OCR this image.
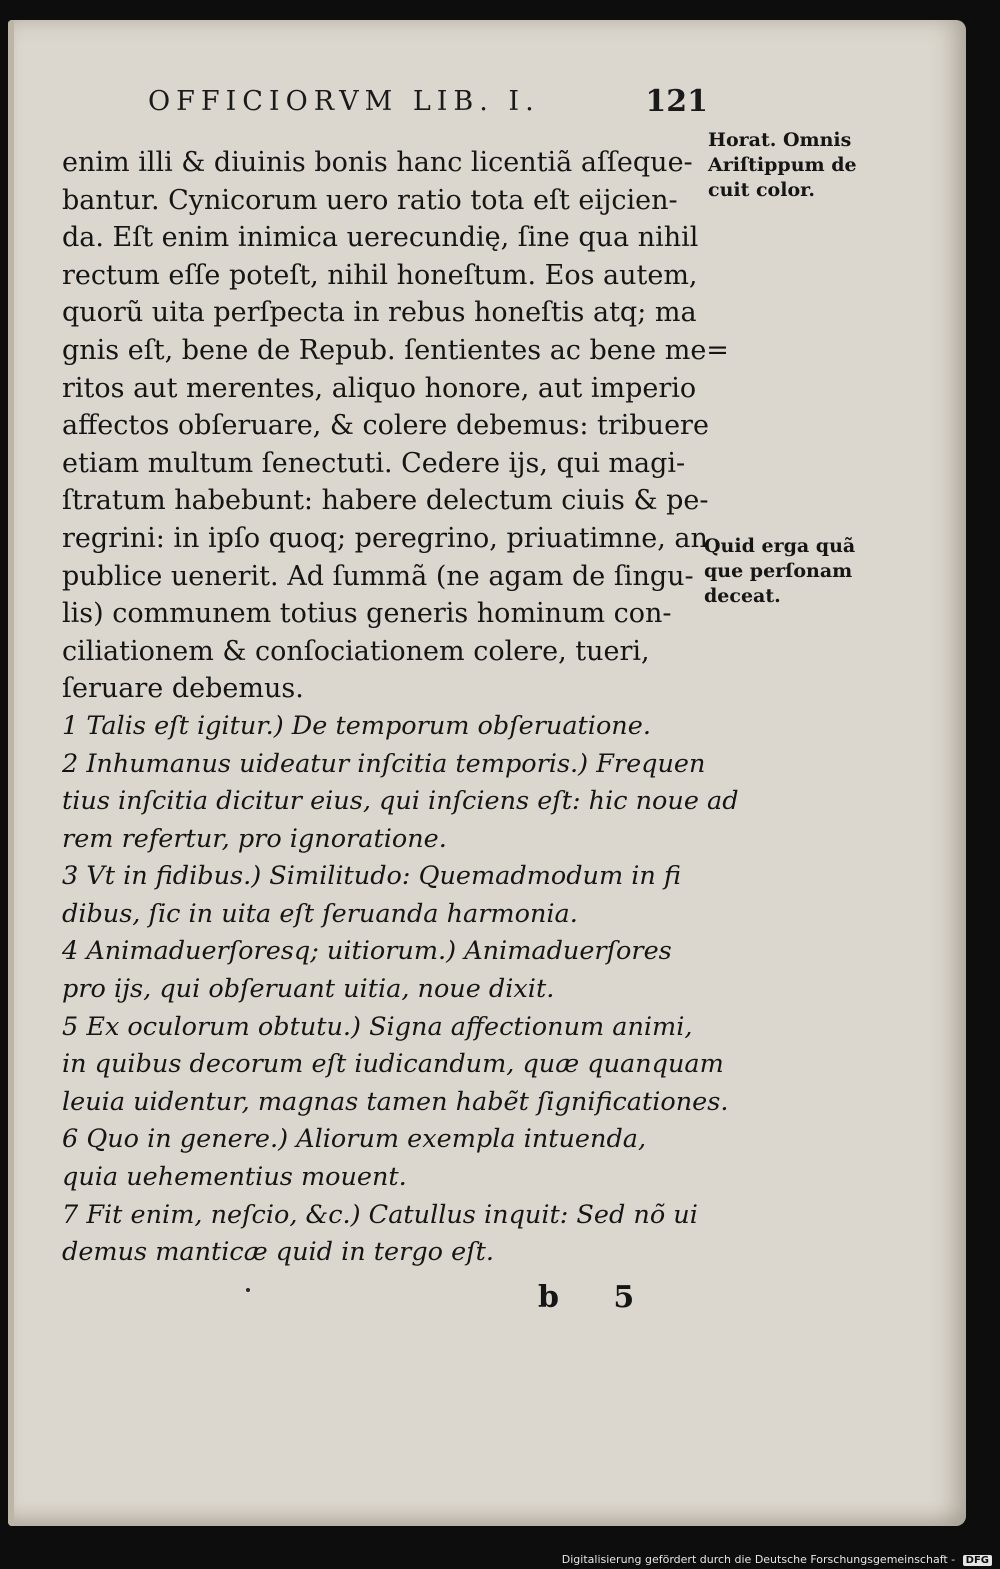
OFFICIORVM LIB. I.	121
enim illi & diuinis bonis hanc licentiã aſſeque-
bantur. Cynicorum uero ratio tota eſt eijcien-
da. Eſt enim inimica uerecundię, ſine qua nihil
rectum eſſe poteſt, nihil honeſtum. Eos autem,
quorũ uita perſpecta in rebus honeſtis atq; ma
gnis eſt, bene de Repub. ſentientes ac bene me=
ritos aut merentes, aliquo honore, aut imperio
affectos obſeruare, & colere debemus: tribuere
etiam multum ſenectuti. Cedere ijs, qui magi-
ſtratum habebunt: habere delectum ciuis & pe-
regrini: in ipſo quoq; peregrino, priuatimne, an
publice uenerit. Ad ſummã (ne agam de ſingu-
lis) communem totius generis hominum con-
ciliationem & conſociationem colere, tueri,
ſeruare debemus.
1 Talis eſt igitur.) De temporum obſeruatione.
2 Inhumanus uideatur inſcitia temporis.) Frequen
tius inſcitia dicitur eius, qui inſciens eſt: hic noue ad
rem refertur, pro ignoratione.
3 Vt in fidibus.) Similitudo: Quemadmodum in fi
dibus, ſic in uita eſt ſeruanda harmonia.
4 Animaduerſoresq; uitiorum.) Animaduerſores
pro ijs, qui obſeruant uitia, noue dixit.
5 Ex oculorum obtutu.) Signa affectionum animi,
in quibus decorum eſt iudicandum, quæ quanquam
leuia uidentur, magnas tamen habẽt ſignificationes.
6 Quo in genere.) Aliorum exempla intuenda,
quia uehementius mouent.
7 Fit enim, neſcio, &c.) Catullus inquit: Sed nõ ui
demus manticæ quid in tergo eſt.
Horat. Omnis
Ariſtippum de
cuit color.
Quid erga quã
que perſonam
deceat.
b 5
Digitalisierung gefördert durch die Deutsche Forschungsgemeinschaft - DFG
